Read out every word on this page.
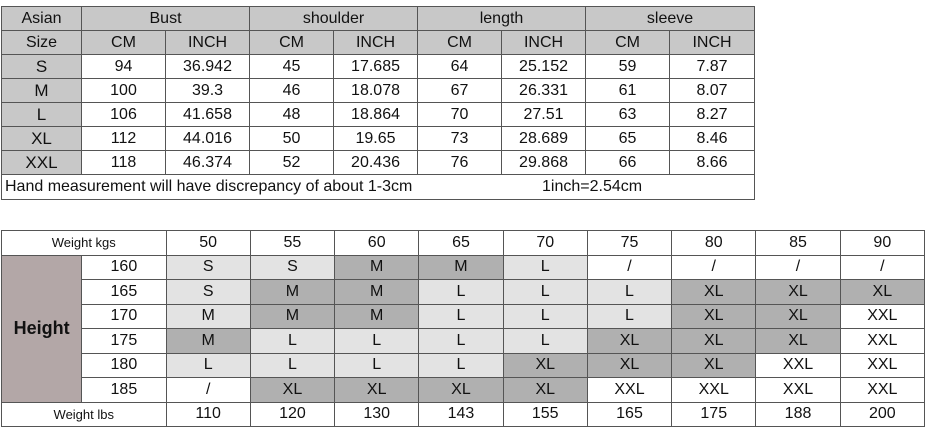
Asian	Bust		shoulder		length		sleeve	
Size	CM	INCH	CM	INCH	CM	INCH	CM	INCH
S	94	36.942	45	17.685	64	25.152	59	7.87
M	100	39.3	46	18.078	67	26.331	61	8.07
L	106	41.658	48	18.864	70	27.51	63	8.27
XL	112	44.016	50	19.65	73	28.689	65	8.46
XXL	118	46.374	52	20.436	76	29.868	66	8.66
Hand measurement will have discrepancy of about 1-3cm 1inch=2.54cm								
Weight kgs		50	55	60	65	70	75	80	85	90
Height	160	S	S	M	M	L	/	/	/	/
	165	S	M	M	L	L	L	XL	XL	XL
	170	M	M	M	L	L	L	XL	XL	XXL
	175	M	L	L	L	L	XL	XL	XL	XXL
	180	L	L	L	L	XL	XL	XL	XXL	XXL
	185	/	XL	XL	XL	XL	XXL	XXL	XXL	XXL
Weight lbs		110	120	130	143	155	165	175	188	200
